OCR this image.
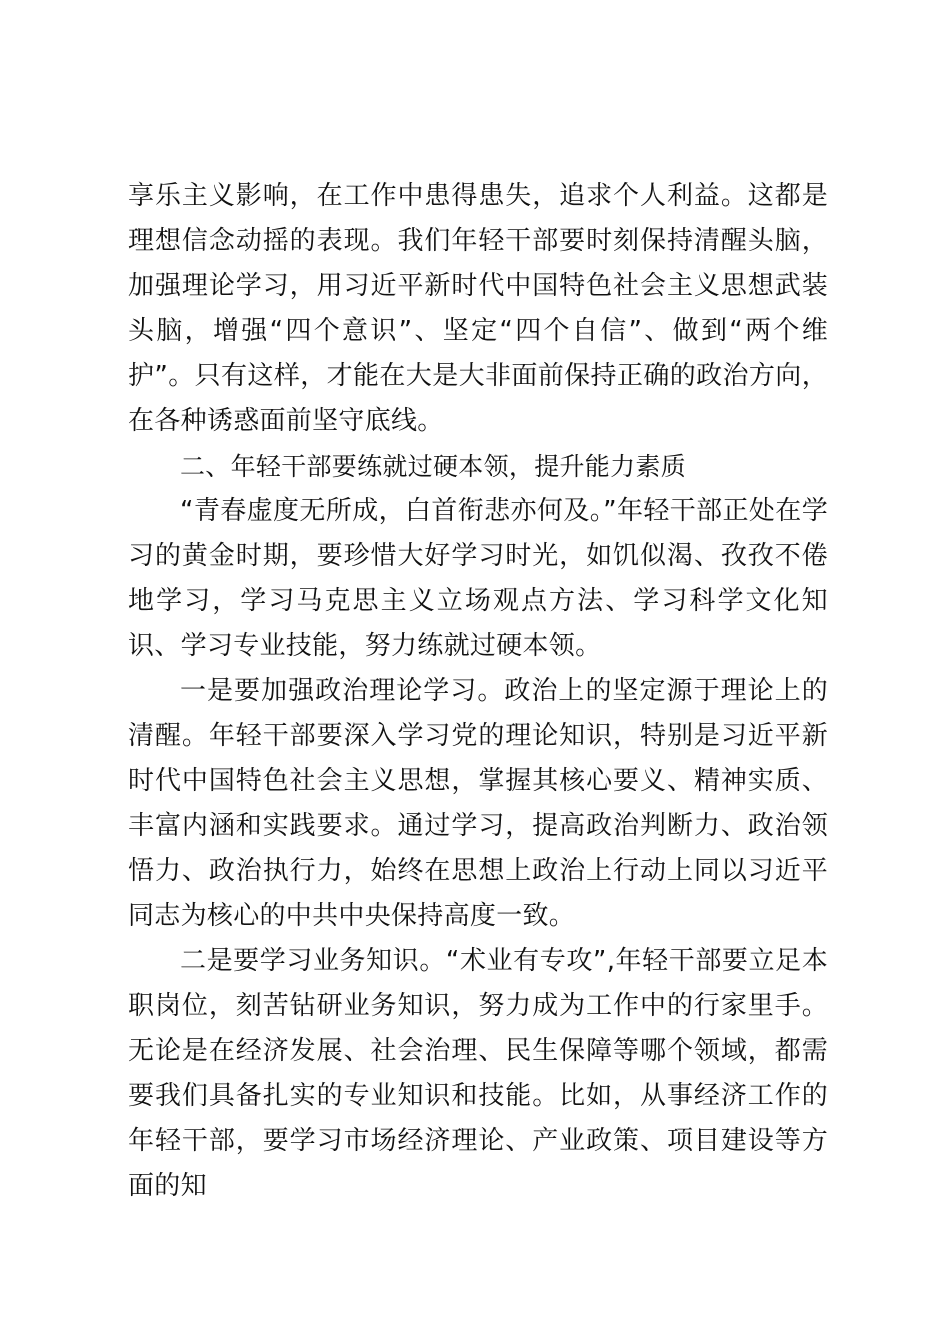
享乐主义影响，在工作中患得患失，追求个人利益。这都是理想信念动摇的表现。我们年轻干部要时刻保持清醒头脑，加强理论学习，用习近平新时代中国特色社会主义思想武装头脑，增强“四个意识”、坚定“四个自信”、做到“两个维护”。只有这样，才能在大是大非面前保持正确的政治方向，在各种诱惑面前坚守底线。

二、年轻干部要练就过硬本领，提升能力素质

“青春虚度无所成，白首衔悲亦何及。”年轻干部正处在学习的黄金时期，要珍惜大好学习时光，如饥似渴、孜孜不倦地学习，学习马克思主义立场观点方法、学习科学文化知识、学习专业技能，努力练就过硬本领。

一是要加强政治理论学习。政治上的坚定源于理论上的清醒。年轻干部要深入学习党的理论知识，特别是习近平新时代中国特色社会主义思想，掌握其核心要义、精神实质、丰富内涵和实践要求。通过学习，提高政治判断力、政治领悟力、政治执行力，始终在思想上政治上行动上同以习近平同志为核心的中共中央保持高度一致。

二是要学习业务知识。“术业有专攻”,年轻干部要立足本职岗位，刻苦钻研业务知识，努力成为工作中的行家里手。无论是在经济发展、社会治理、民生保障等哪个领域，都需要我们具备扎实的专业知识和技能。比如，从事经济工作的年轻干部，要学习市场经济理论、产业政策、项目建设等方面的知
